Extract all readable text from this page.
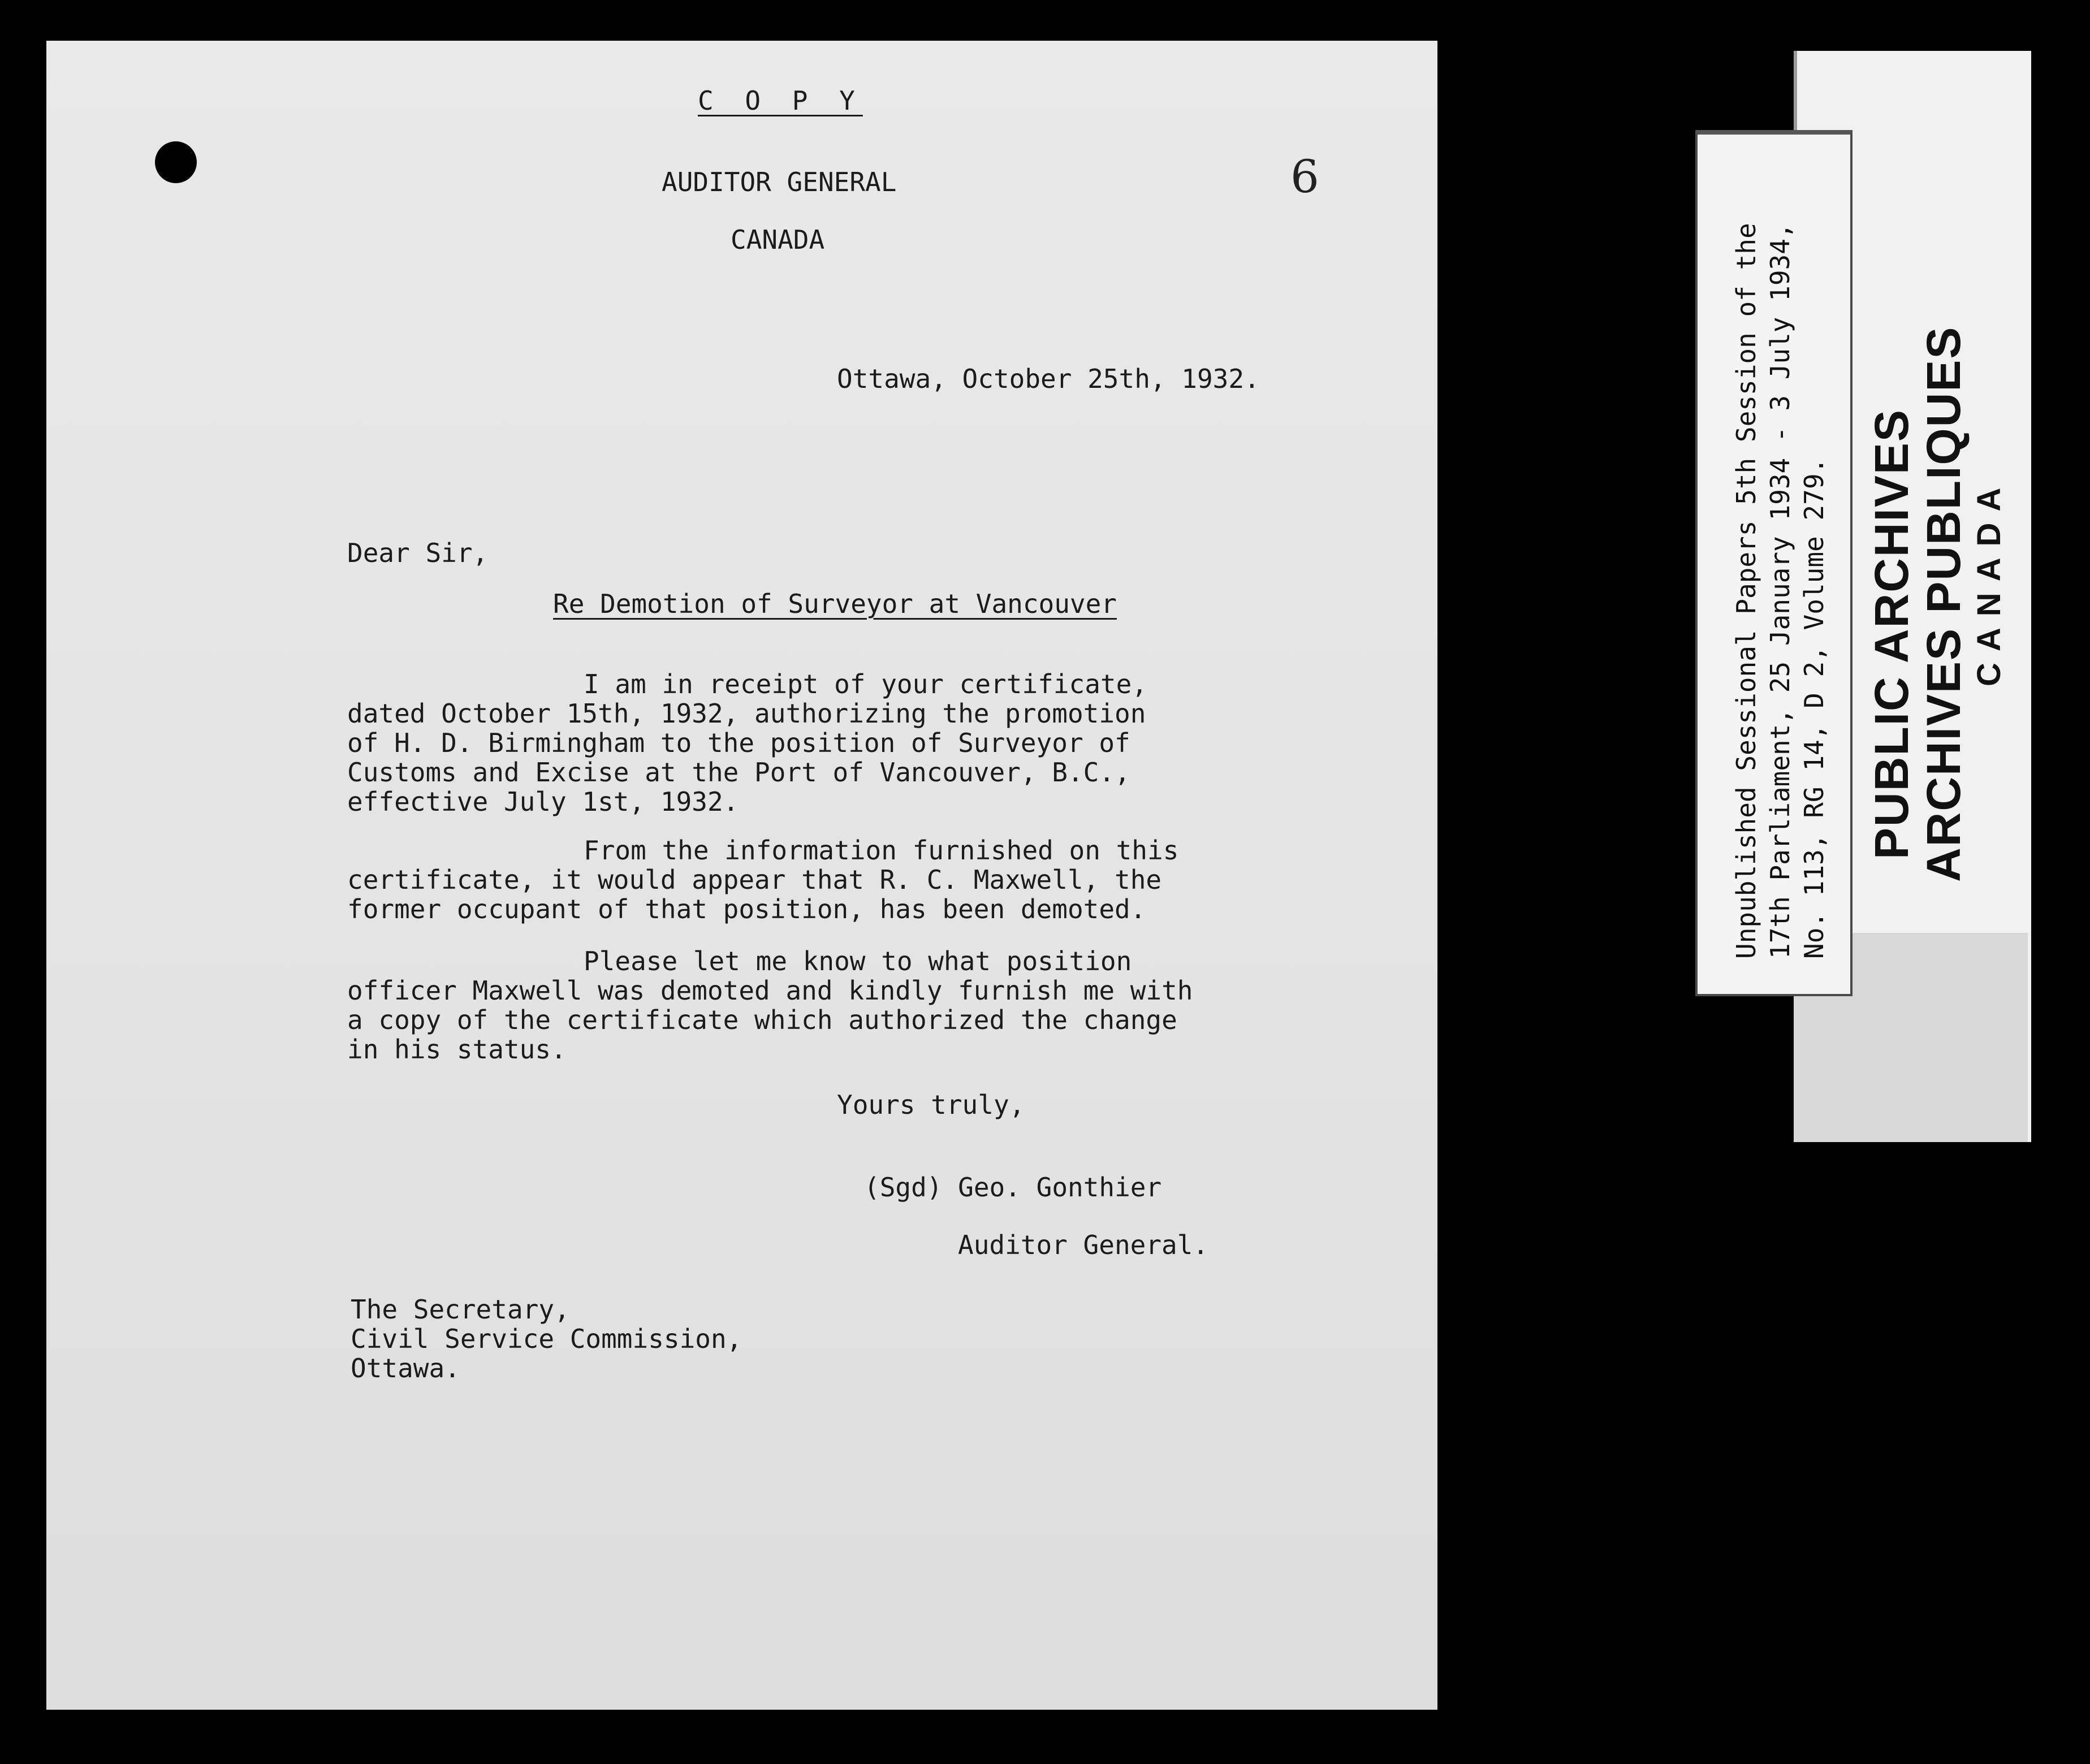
C O P Y

6

AUDITOR GENERAL

CANADA

Ottawa, October 25th, 1932.

Dear Sir,

Re Demotion of Surveyor at Vancouver

I am in receipt of your certificate,

dated October 15th, 1932, authorizing the promotion

of H. D. Birmingham to the position of Surveyor of

Customs and Excise at the Port of Vancouver, B.C.,

effective July 1st, 1932.

From the information furnished on this

certificate, it would appear that R. C. Maxwell, the

former occupant of that position, has been demoted.

Please let me know to what position

officer Maxwell was demoted and kindly furnish me with

a copy of the certificate which authorized the change

in his status.

Yours truly,

(Sgd) Geo. Gonthier

Auditor General.

The Secretary,

Civil Service Commission,

Ottawa.

PUBLIC ARCHIVES

ARCHIVES PUBLIQUES CANADA

Unpublished Sessional Papers 5th Session of the 17th Parliament, 25 January 1934 - 3 July 1934, No. 113, RG 14, D 2, Volume 279.
